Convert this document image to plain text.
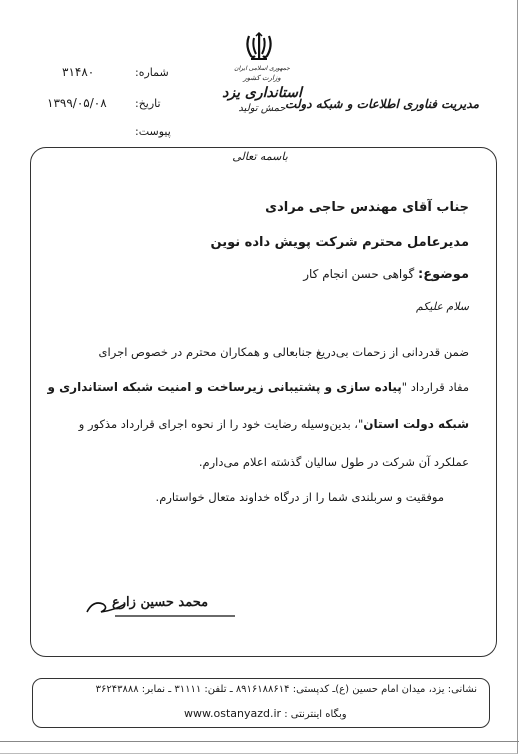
جمهوری اسلامی ایران
وزارت کشور
استانداری یزد
حمش تولید
باسمه تعالی
مدیریت فناوری اطلاعات و شبکه دولت
شماره:
۳۱۴۸۰
تاریخ:
۱۳۹۹/۰۵/۰۸
پیوست:
جناب آقای مهندس حاجی مرادی
مدیرعامل محترم شرکت پویش داده نوین
موضوع: گواهی حسن انجام کار
سلام علیکم
ضمن قدردانی از زحمات بی‌دریغ جنابعالی و همکاران محترم در خصوص اجرای
مفاد قرارداد "پیاده سازی و پشتیبانی زیرساخت و امنیت شبکه استانداری و
شبکه دولت استان"، بدین‌وسیله رضایت خود را از نحوه اجرای قرارداد مذکور و
عملکرد آن شرکت در طول سالیان گذشته اعلام می‌دارم.
موفقیت و سربلندی شما را از درگاه خداوند متعال خواستارم.
محمد حسین زارع
نشانی: یزد، میدان امام حسین (ع)ـ کدپستی: ۸۹۱۶۱۸۸۶۱۴ ـ تلفن: ۳۱۱۱۱ ـ نمابر: ۳۶۲۴۳۸۸۸
وبگاه اینترنتی : www.ostanyazd.ir
